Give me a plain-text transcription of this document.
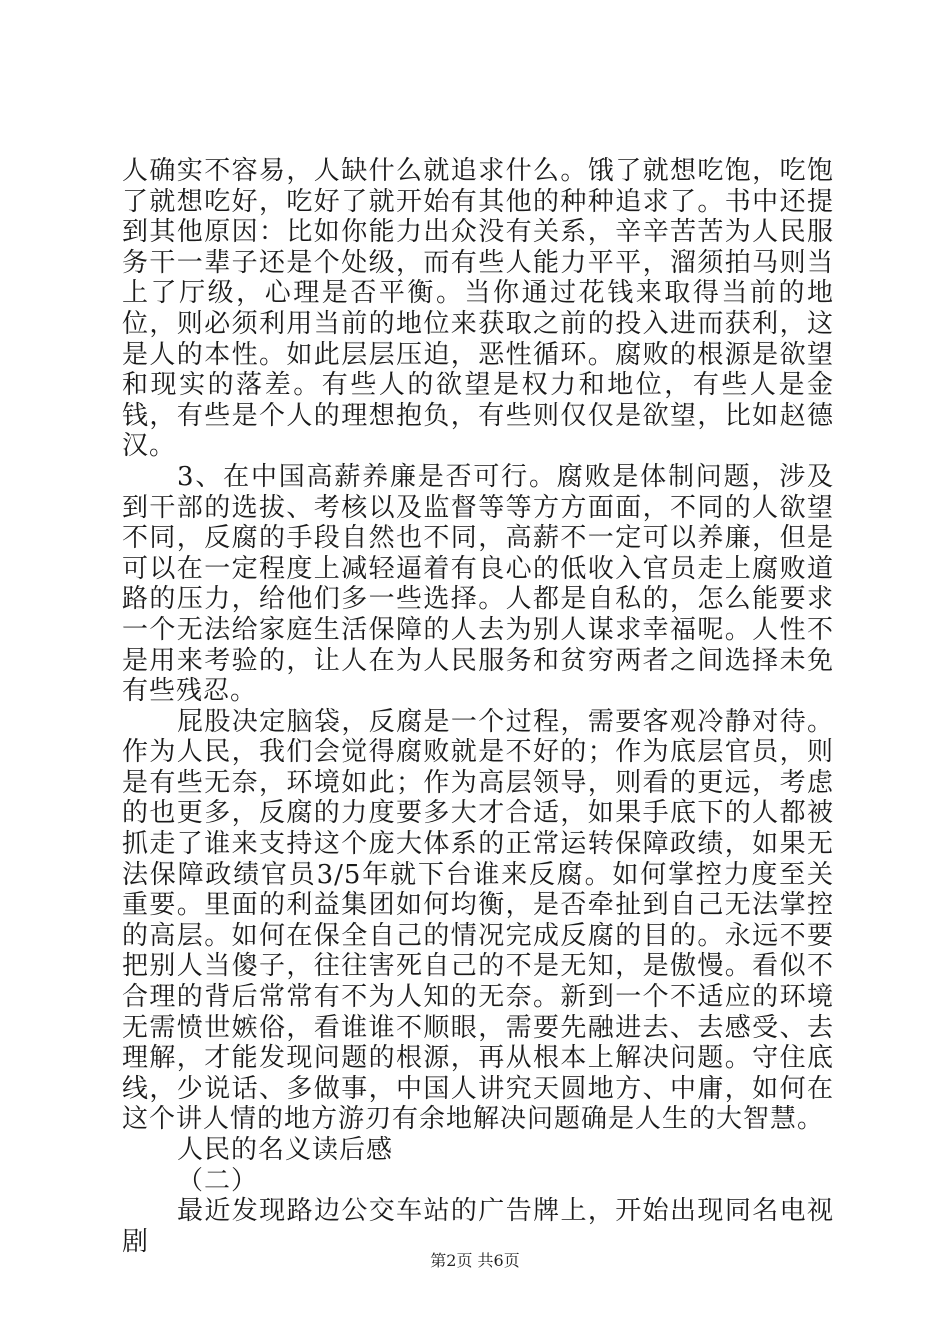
人确实不容易，人缺什么就追求什么。饿了就想吃饱，吃饱了就想吃好，吃好了就开始有其他的种种追求了。书中还提到其他原因：比如你能力出众没有关系，辛辛苦苦为人民服务干一辈子还是个处级，而有些人能力平平，溜须拍马则当上了厅级，心理是否平衡。当你通过花钱来取得当前的地位，则必须利用当前的地位来获取之前的投入进而获利，这是人的本性。如此层层压迫，恶性循环。腐败的根源是欲望和现实的落差。有些人的欲望是权力和地位，有些人是金钱，有些是个人的理想抱负，有些则仅仅是欲望，比如赵德汉。

3、在中国高薪养廉是否可行。腐败是体制问题，涉及到干部的选拔、考核以及监督等等方方面面，不同的人欲望不同，反腐的手段自然也不同，高薪不一定可以养廉，但是可以在一定程度上减轻逼着有良心的低收入官员走上腐败道路的压力，给他们多一些选择。人都是自私的，怎么能要求一个无法给家庭生活保障的人去为别人谋求幸福呢。人性不是用来考验的，让人在为人民服务和贫穷两者之间选择未免有些残忍。

屁股决定脑袋，反腐是一个过程，需要客观冷静对待。作为人民，我们会觉得腐败就是不好的；作为底层官员，则是有些无奈，环境如此；作为高层领导，则看的更远，考虑的也更多，反腐的力度要多大才合适，如果手底下的人都被抓走了谁来支持这个庞大体系的正常运转保障政绩，如果无法保障政绩官员3/5年就下台谁来反腐。如何掌控力度至关重要。里面的利益集团如何均衡，是否牵扯到自己无法掌控的高层。如何在保全自己的情况完成反腐的目的。永远不要把别人当傻子，往往害死自己的不是无知，是傲慢。看似不合理的背后常常有不为人知的无奈。新到一个不适应的环境无需愤世嫉俗，看谁谁不顺眼，需要先融进去、去感受、去理解，才能发现问题的根源，再从根本上解决问题。守住底线，少说话、多做事，中国人讲究天圆地方、中庸，如何在这个讲人情的地方游刃有余地解决问题确是人生的大智慧。

人民的名义读后感

（二）

最近发现路边公交车站的广告牌上，开始出现同名电视剧

第2页 共6页
